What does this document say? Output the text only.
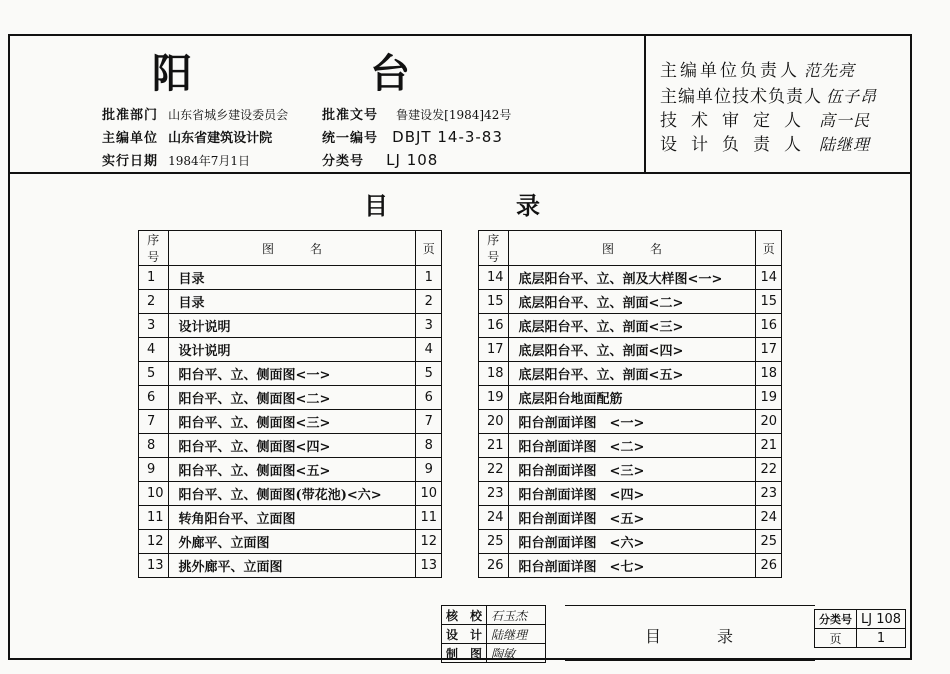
阳	台
批准部门 山东省城乡建设委员会
主编单位 山东省建筑设计院
实行日期 1984年7月1日
批准文号 鲁建设发[1984]42号
统一编号 DBJT 14-3-83
分类号 LJ 108
主编单位负责人 范先亮
主编单位技术负责人 伍子昂
技术审定人 高一民
设计负责人 陆继理
目	录
序号	图　　　名	页
1	目录	1
2	目录	2
3	设计说明	3
4	设计说明	4
5	阳台平、立、侧面图<一>	5
6	阳台平、立、侧面图<二>	6
7	阳台平、立、侧面图<三>	7
8	阳台平、立、侧面图<四>	8
9	阳台平、立、侧面图<五>	9
10	阳台平、立、侧面图(带花池)<六>	10
11	转角阳台平、立面图	11
12	外廊平、立面图	12
13	挑外廊平、立面图	13
序号	图　　　名	页
14	底层阳台平、立、剖及大样图<一>	14
15	底层阳台平、立、剖面<二>	15
16	底层阳台平、立、剖面<三>	16
17	底层阳台平、立、剖面<四>	17
18	底层阳台平、立、剖面<五>	18
19	底层阳台地面配筋	19
20	阳台剖面详图　<一>	20
21	阳台剖面详图　<二>	21
22	阳台剖面详图　<三>	22
23	阳台剖面详图　<四>	23
24	阳台剖面详图　<五>	24
25	阳台剖面详图　<六>	25
26	阳台剖面详图　<七>	26
核　校	石玉杰
设　计	陆继理
制　图	陶敏
目	录
分类号	LJ 108
页	1
